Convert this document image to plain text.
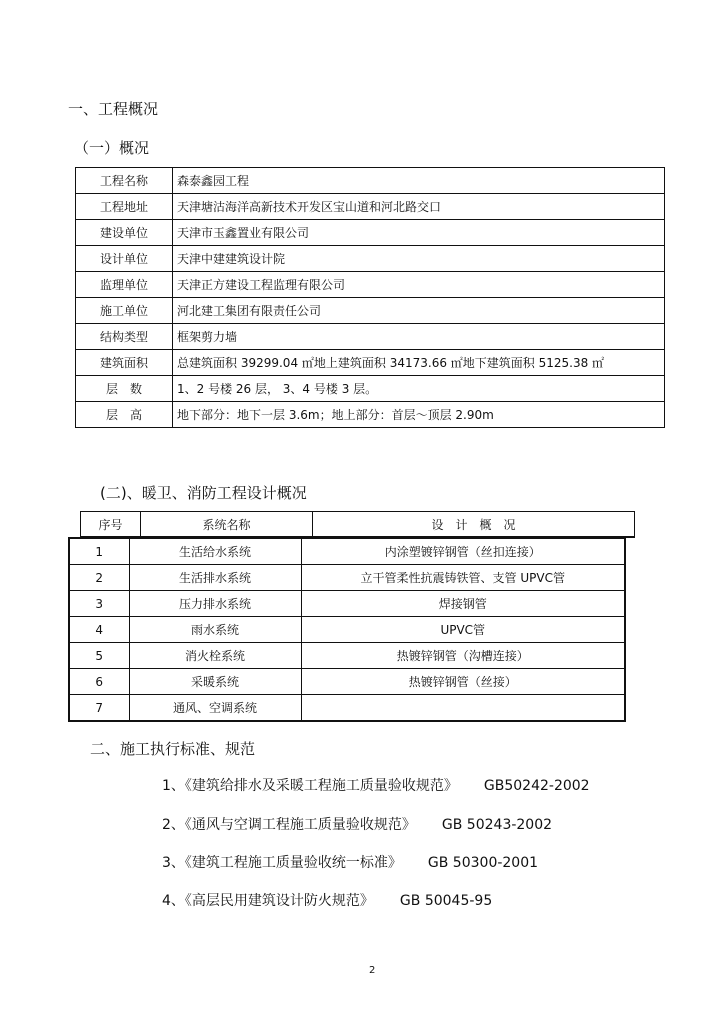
一、工程概况
（一）概况
工程名称	森泰鑫园工程
工程地址	天津塘沽海洋高新技术开发区宝山道和河北路交口
建设单位	天津市玉鑫置业有限公司
设计单位	天津中建建筑设计院
监理单位	天津正方建设工程监理有限公司
施工单位	河北建工集团有限责任公司
结构类型	框架剪力墙
建筑面积	总建筑面积 39299.04 ㎡地上建筑面积 34173.66 ㎡地下建筑面积 5125.38 ㎡
层　数	1、2 号楼 26 层， 3、4 号楼 3 层。
层　高	地下部分：地下一层 3.6m；地上部分：首层～顶层 2.90m
(二)、暖卫、消防工程设计概况
序号	系统名称	设　计　概　况
1	生活给水系统	内涂塑镀锌钢管（丝扣连接）
2	生活排水系统	立干管柔性抗震铸铁管、支管 UPVC管
3	压力排水系统	焊接钢管
4	雨水系统	UPVC管
5	消火栓系统	热镀锌钢管（沟槽连接）
6	采暖系统	热镀锌钢管（丝接）
7	通风、空调系统	
二、施工执行标准、规范
1、《建筑给排水及采暖工程施工质量验收规范》 GB50242-2002
2、《通风与空调工程施工质量验收规范》 GB 50243-2002
3、《建筑工程施工质量验收统一标准》 GB 50300-2001
4、《高层民用建筑设计防火规范》 GB 50045-95
2
